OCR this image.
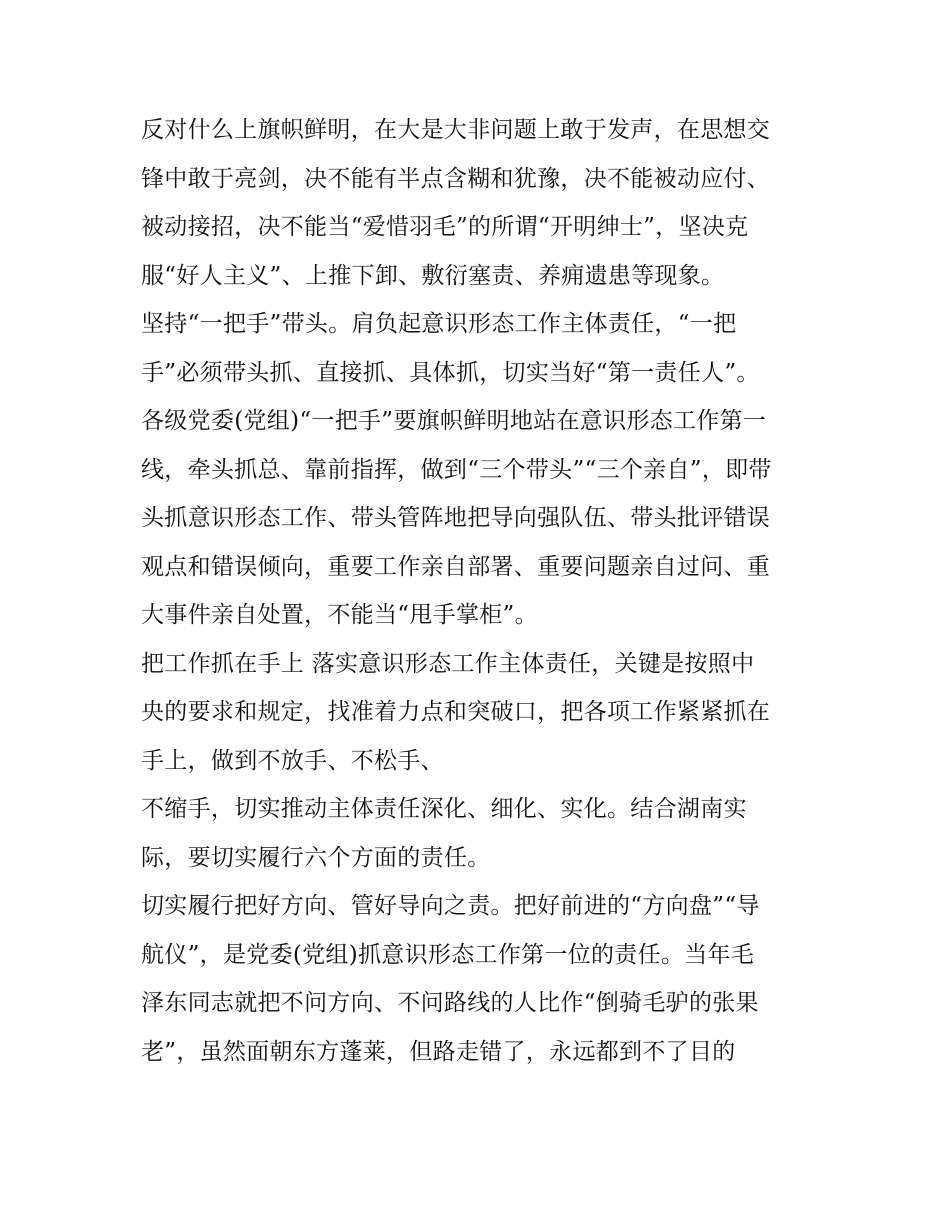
反对什么上旗帜鲜明，在大是大非问题上敢于发声，在思想交
锋中敢于亮剑，决不能有半点含糊和犹豫，决不能被动应付、
被动接招，决不能当“爱惜羽毛”的所谓“开明绅士”，坚决克
服“好人主义”、上推下卸、敷衍塞责、养痈遗患等现象。
坚持“一把手”带头。肩负起意识形态工作主体责任，“一把
手”必须带头抓、直接抓、具体抓，切实当好“第一责任人”。
各级党委(党组)“一把手”要旗帜鲜明地站在意识形态工作第一
线，牵头抓总、靠前指挥，做到“三个带头”“三个亲自”，即带
头抓意识形态工作、带头管阵地把导向强队伍、带头批评错误
观点和错误倾向，重要工作亲自部署、重要问题亲自过问、重
大事件亲自处置，不能当“甩手掌柜”。
把工作抓在手上 落实意识形态工作主体责任，关键是按照中
央的要求和规定，找准着力点和突破口，把各项工作紧紧抓在
手上，做到不放手、不松手、
不缩手，切实推动主体责任深化、细化、实化。结合湖南实
际，要切实履行六个方面的责任。
切实履行把好方向、管好导向之责。把好前进的“方向盘”“导
航仪”，是党委(党组)抓意识形态工作第一位的责任。当年毛
泽东同志就把不问方向、不问路线的人比作“倒骑毛驴的张果
老”，虽然面朝东方蓬莱，但路走错了，永远都到不了目的
